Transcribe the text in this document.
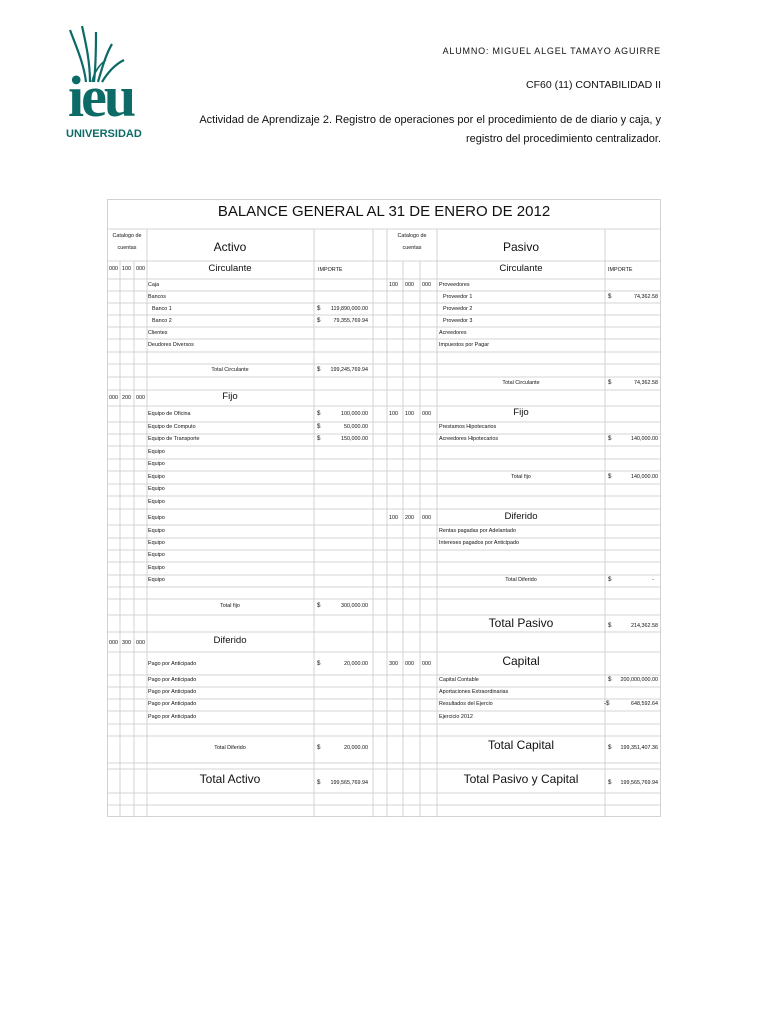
ieu
UNIVERSIDAD
ALUMNO: MIGUEL ALGEL TAMAYO AGUIRRE
CF60 (11) CONTABILIDAD II
Actividad de Aprendizaje 2. Registro de operaciones por el procedimiento de de diario y caja, y
registro del procedimiento centralizador.
BALANCE GENERAL AL 31 DE ENERO DE 2012
Catalogo de
cuentas	Activo
Catalogo de
cuentas	Pasivo
000 100 000	Circulante	IMPORTE
Caja
Bancos
Banco 1	$ 119,890,000.00
Banco 2	$ 79,355,769.94
Clientes
Deudores Diversos
Total Circulante	$ 199,245,769.94
000 200 000	Fijo
Equipo de Oficina	$	100,000.00
Equipo de Computo	$	50,000.00
Equipo de Transporte	$	150,000.00
Equipo
Equipo
Equipo
Equipo
Equipo
Equipo
Equipo
Equipo
Equipo
Equipo
Equipo
Total fijo	$	300,000.00
000 300 000	Diferido
Pago por Anticipado	$	20,000.00
Pago por Anticipado
Pago por Anticipado
Pago por Anticipado
Pago por Anticipado
Total Diferido	$	20,000.00
Total Activo	$ 199,565,769.94
Circulante	IMPORTE
100 000 000 Proveedores
Proveedor 1	$	74,362.58
Proveedor 2
Proveedor 3
Acreedores
Impuestos por Pagar
Total Circulante	$	74,362.58
100 100 000	Fijo
Prestamos Hipotecarios
Acreedores Hipotecarios	$	140,000.00
Total fijo	$	140,000.00
100 200 000	Diferido
Rentas pagadas por Adelantado
Intereses pagados por Anticipado
Total Diferido	$	-
Total Pasivo	$	214,362.58
300 000 000	Capital
Capital Contable	$ 200,000,000.00
Aportaciones Extraordinarias
Resultados del Ejercio	-$	648,592.64
Ejercicio 2012
Total Capital	$ 199,351,407.36
Total Pasivo y Capital	$ 199,565,769.94
